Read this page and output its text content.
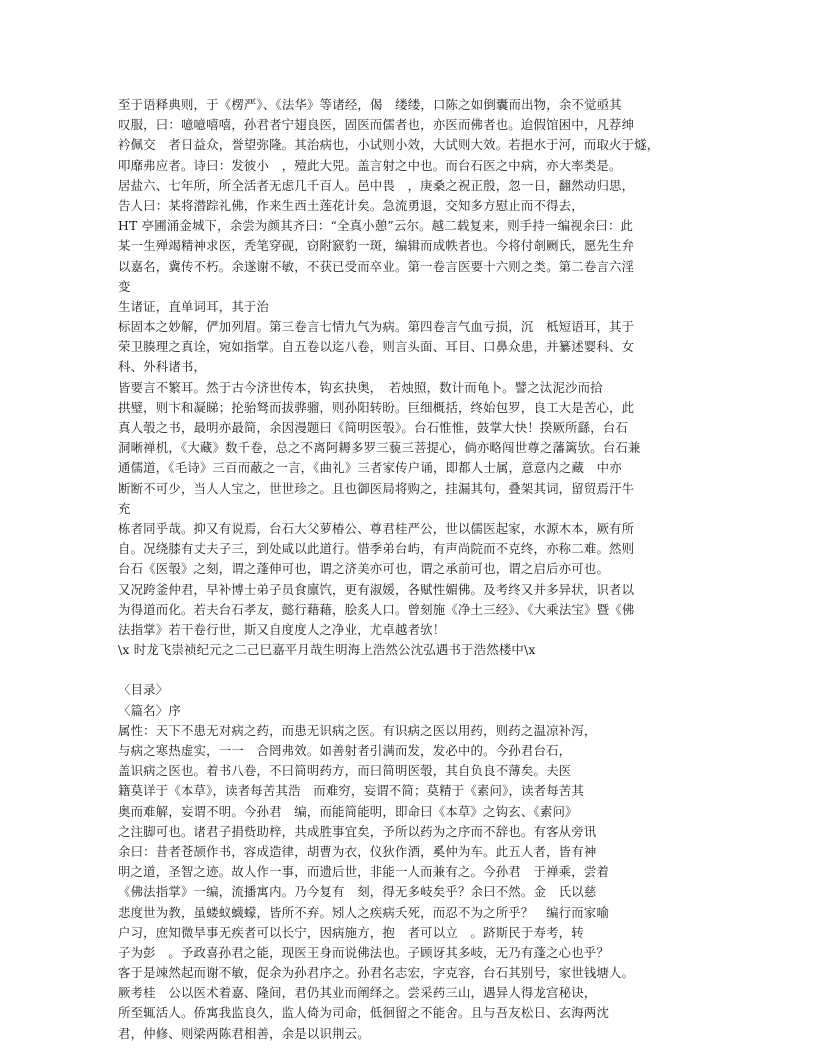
至于语释典则，于《楞严》、《法华》等诸经，偈　缕缕，口陈之如倒囊而出物，余不觉亟其
叹服，曰：噫噫嘻嘻，孙君者宁翅良医，固医而儒者也，亦医而佛者也。迨假馆困中，凡荐绅
衿佩交　者日益众，誉望弥隆。其治病也，小试则小效，大试则大效。若挹水于河，而取火于燧，
叩靡弗应者。诗曰：发彼小　，殪此大兕。盖言射之中也。而台石医之中病，亦大率类是。
居盐六、七年所，所全活者无虑几千百人。邑中畏　，庚桑之祝正殷，忽一日，翻然动归思，
告人曰：某将潜踪礼佛，作来生西土莲花计矣。急流勇退，交知多方慰止而不得去，
HT 亭圃涌金城下，余尝为颜其齐曰：“全真小憩”云尔。越二载复来，则手持一编视余曰：此
某一生殚竭精神求医，秃笔穿砚，窃附窾豹一斑，编辑而成帙者也。今将付剞劂氏，愿先生弁
以嘉名，冀传不朽。余遂谢不敏，不获已受而卒业。第一卷言医要十六则之类。第二卷言六淫
变
生诸证，直单词耳，其于治
标固本之妙解，俨加列眉。第三卷言七情九气为病。第四卷言气血亏损，沉　柢短语耳，其于
荣卫腠理之真诠，宛如指掌。自五卷以迄八卷，则言头面、耳目、口鼻众患，并纂述婴科、女
科、外科诸书，
皆要言不繁耳。然于古今济世传本，钩玄抉奥，　若烛照，数计而龟卜。譬之汰泥沙而拾
拱璧，则卞和凝睇；抡骀驽而拔骅骝，则孙阳转盼。巨细概括，终始包罗，良工大是苦心，此
真人彀之书，最明亦最简，余因漫题曰《简明医彀》。台石惟惟，鼓掌大快！揆厥所繇，台石
洞晰禅机，《大藏》数千卷，总之不离阿耨多罗三藐三菩提心，倘亦略闯世尊之藩篱欤。台石兼
通儒道，《毛诗》三百而蔽之一言，《曲礼》三者家传户诵，即都人士属，意意内之藏　中亦
断断不可少，当人人宝之，世世珍之。且也御医局将购之，挂漏其句，叠架其词，留贸焉汗牛
充
栋者同乎哉。抑又有说焉，台石大父萝椿公、尊君桂严公，世以儒医起家，水源木本，厥有所
自。况绕膝有丈夫子三，到处咸以此道行。惜季弟台屿，有声尚院而不克终，亦称二难。然则
台石《医彀》之刻，谓之蓬伸可也，谓之济美亦可也，谓之承前可也，谓之启后亦可也。
又况跨釜仲君，早补博士弟子员食廪饩，更有淑媛，各赋性媚佛。及考终又并多异状，识者以
为得道而化。若夫台石孝友，懿行藉藉，脍炙人口。曾刻施《净土三经》、《大乘法宝》暨《佛
法指掌》若干卷行世，斯又自度度人之净业，尤卓越者欤！
\x 时龙飞崇祯纪元之二己巳嘉平月哉生明海上浩然公沈弘遇书于浩然楼中\x
〈目录〉
〈篇名〉序
属性：天下不患无对病之药，而患无识病之医。有识病之医以用药，则药之温凉补泻，
与病之寒热虚实，一一　合罔弗效。如善射者引满而发，发必中的。今孙君台石，
盖识病之医也。着书八卷，不曰简明药方，而曰简明医彀，其自负良不薄矣。夫医
籍莫详于《本草》，读者每苦其浩　而难穷，妄谓不简；莫精于《素问》，读者每苦其
奥而难解，妄谓不明。今孙君　编，而能简能明，即命曰《本草》之钩玄、《素问》
之注脚可也。诸君子捐赀助梓，共成胜事宜矣，予所以药为之序而不辞也。有客从旁讯
余曰：昔者苍颉作书，容成造律，胡曹为衣，仪狄作酒，奚仲为车。此五人者，皆有神
明之道，圣智之迹。故人作一事，而遗后世，非能一人而兼有之。今孙君　于禅乘，尝着
《佛法指掌》一编，流播寓内。乃今复有　刻，得无多岐矣乎？余曰不然。金　氏以慈
悲度世为教，虽蝼蚁蠛蠓，皆所不弃。矧人之疾病夭死，而忍不为之所乎？　编行而家喻
户习，庶知微旱事无疾者可以长宁，因病施方，抱　者可以立　。跻斯民于寿考，转
子为彭　。予政喜孙君之能，现医王身而说佛法也。子顾讶其多岐，无乃有蓬之心也乎？
客于是竦然起而谢不敏，促余为孙君序之。孙君名志宏，字克容，台石其别号，家世钱塘人。
厥考桂　公以医术着嘉、隆间，君仍其业而阐绎之。尝采药三山，遇异人得龙宫秘诀，
所至辄活人。侨寓我监良久，监人倚为司命，低徊留之不能舍。且与吾友松日、玄海两沈
君，仲修、则梁两陈君相善，余是以识荆云。
